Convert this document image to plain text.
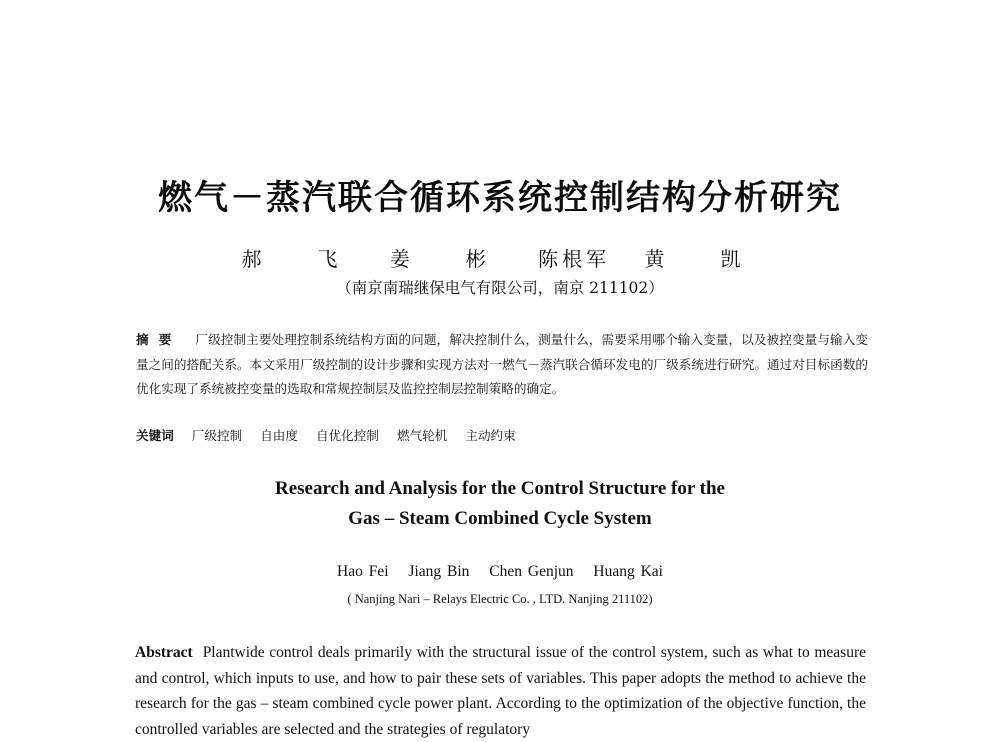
燃气－蒸汽联合循环系统控制结构分析研究
郝　飞 姜　彬 陈根军 黄　凯
（南京南瑞继保电气有限公司，南京 211102）

摘要 厂级控制主要处理控制系统结构方面的问题，解决控制什么，测量什么，需要采用哪个输入变量，以及被控变量与输入变量之间的搭配关系。本文采用厂级控制的设计步骤和实现方法对一燃气－蒸汽联合循环发电的厂级系统进行研究。通过对目标函数的优化实现了系统被控变量的选取和常规控制层及监控控制层控制策略的确定。

关键词 厂级控制 自由度 自优化控制 燃气轮机 主动约束

Research and Analysis for the Control Structure for the
Gas – Steam Combined Cycle System

Hao Fei Jiang Bin Chen Genjun Huang Kai
( Nanjing Nari – Relays Electric Co. , LTD. Nanjing 211102)

Abstract Plantwide control deals primarily with the structural issue of the control system, such as what to measure and control, which inputs to use, and how to pair these sets of variables. This paper adopts the method to achieve the research for the gas – steam combined cycle power plant. According to the optimization of the objective function, the controlled variables are selected and the strategies of regulatory
